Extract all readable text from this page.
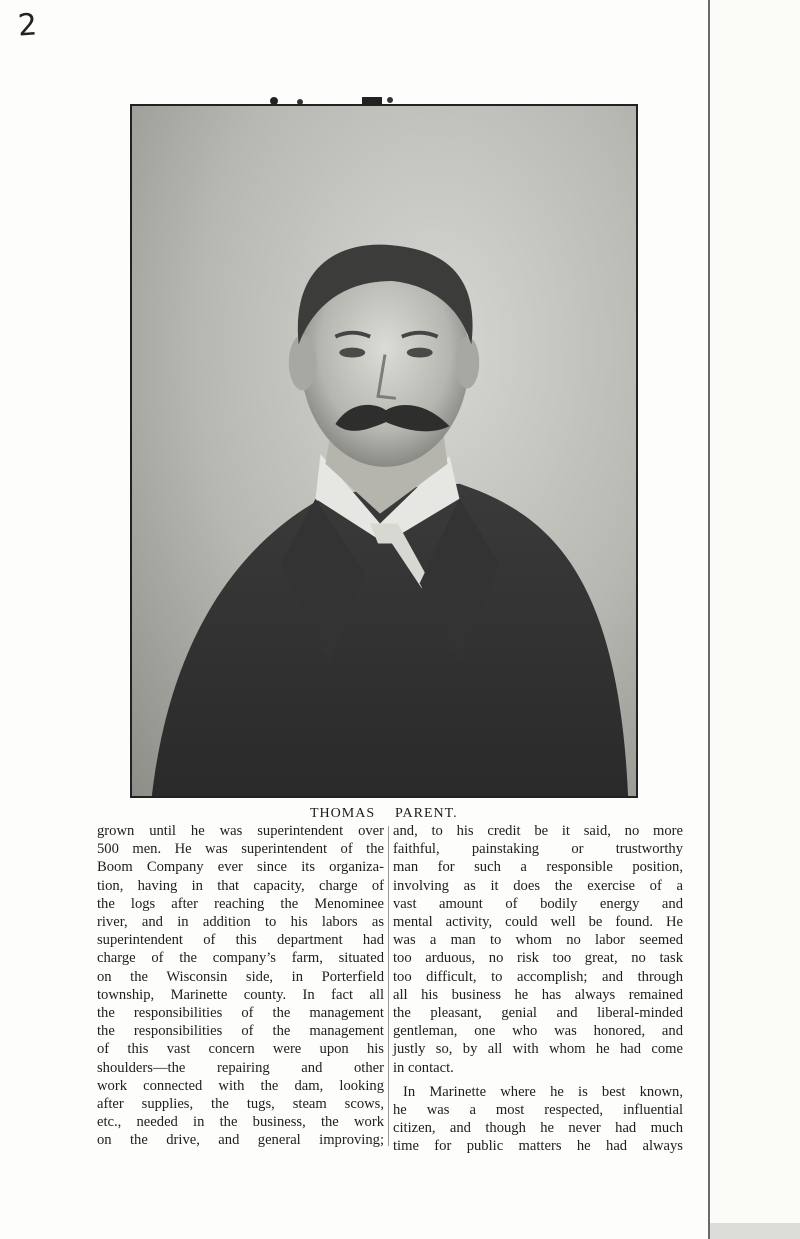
2
THOMAS PARENT.
grown until he was superintendent over
500 men. He was superintendent of the
Boom Company ever since its organiza-
tion, having in that capacity, charge of
the logs after reaching the Menominee
river, and in addition to his labors as
superintendent of this department had
charge of the company’s farm, situated
on the Wisconsin side, in Porterfield
township, Marinette county. In fact all
the responsibilities of the management
the responsibilities of the management
of this vast concern were upon his
shoulders—the repairing and other
work connected with the dam, looking
after supplies, the tugs, steam scows,
etc., needed in the business, the work
on the drive, and general improving;
and, to his credit be it said, no more
faithful, painstaking or trustworthy
man for such a responsible position,
involving as it does the exercise of a
vast amount of bodily energy and
mental activity, could well be found. He
was a man to whom no labor seemed
too arduous, no risk too great, no task
too difficult, to accomplish; and through
all his business he has always remained
the pleasant, genial and liberal-minded
gentleman, one who was honored, and
justly so, by all with whom he had come
in contact.
In Marinette where he is best known,
he was a most respected, influential
citizen, and though he never had much
time for public matters he had always
